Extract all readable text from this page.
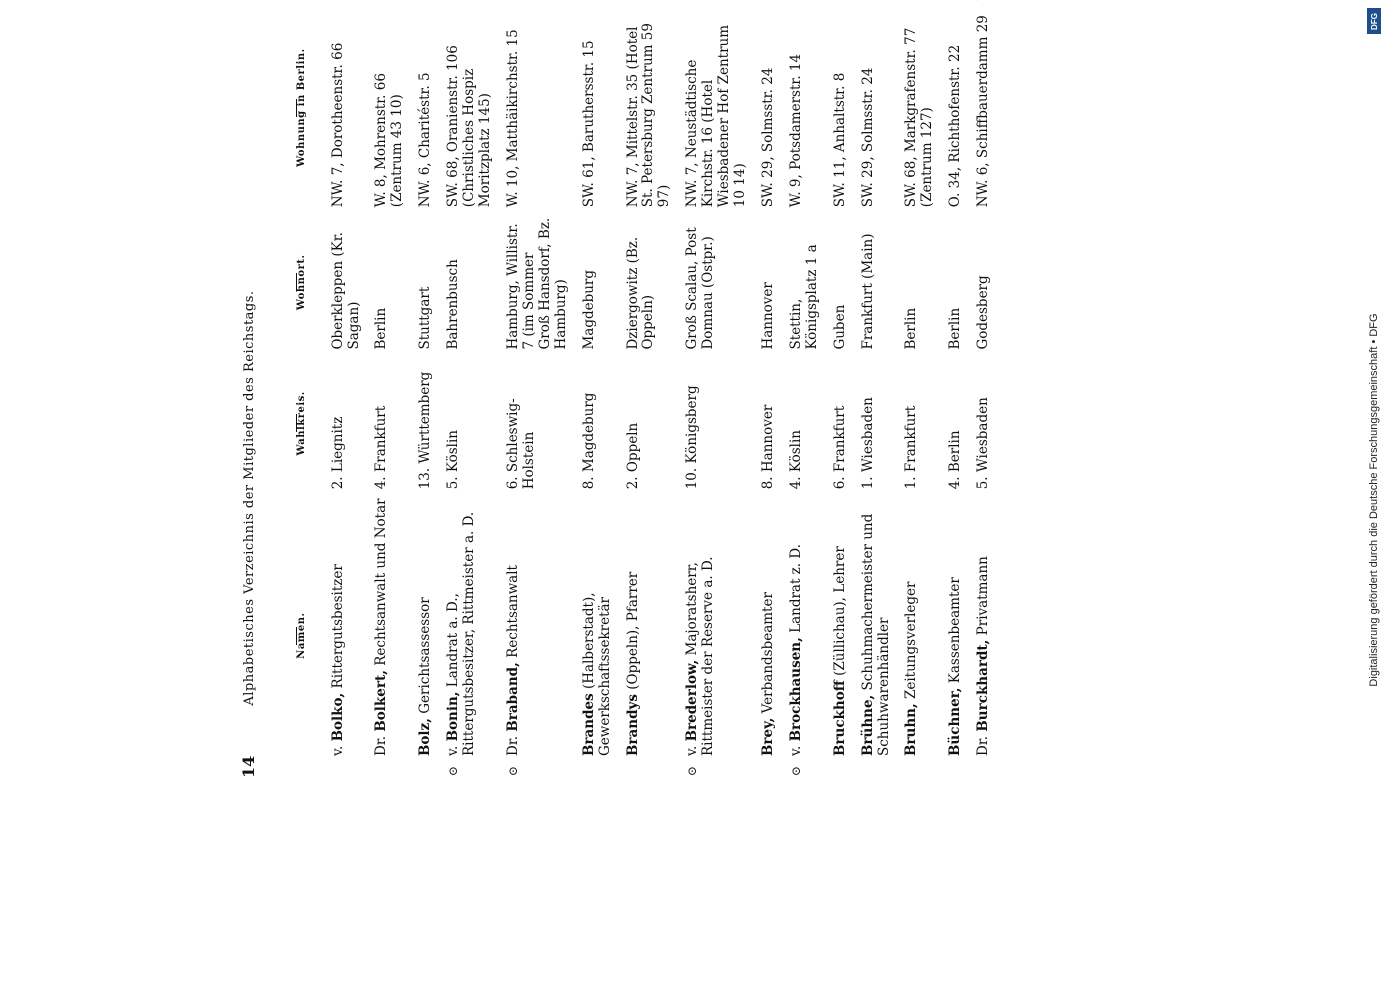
DFG
Digitalisierung gefördert durch die Deutsche Forschungsgemeinschaft • DFG
14
Alphabetisches Verzeichnis der Mitglieder des Reichstags.	Namen.	Wahlkreis.	Wohnort.	Wohnung in Berlin.		

v. Bolko, Rittergutsbesitzer	2. Liegnitz	Oberkleppen (Kr. Sagan)	NW. 7, Dorotheenstr. 66		

Dr. Bolkert, Rechtsanwalt und Notar	4. Frankfurt	Berlin	W. 8, Mohrenstr. 66 (Zentrum 43 10)		

Bolz, Gerichtsassessor	13. Württemberg	Stuttgart	NW. 6, Charitéstr. 5		

⊙
v. Bonin, Landrat a. D., Rittergutsbesitzer, Rittmeister a. D.	5. Köslin	Bahrenbusch	SW. 68, Oranienstr. 106 (Christliches Hospiz Moritzplatz 145)		

⊙
Dr. Braband, Rechtsanwalt	6. Schleswig-Holstein	Hamburg, Willistr. 7 (im Sommer Groß Hansdorf, Bz. Hamburg)	W. 10, Matthäikirchstr. 15		

Brandes (Halberstadt), Gewerkschaftssekretär	8. Magdeburg	Magdeburg	SW. 61, Baruthersstr. 15		

Brandys (Oppeln), Pfarrer	2. Oppeln	Dziergowitz (Bz. Oppeln)	NW. 7, Mittelstr. 35 (Hotel St. Petersburg Zentrum 59 97)		

⊙
v. Brederlow, Majoratsherr, Rittmeister der Reserve a. D.	10. Königsberg	Groß Scalau, Post Domnau (Ostpr.)	NW. 7, Neustädtische Kirchstr. 16 (Hotel Wiesbadener Hof Zentrum 10 14)		

Brey, Verbandsbeamter	8. Hannover	Hannover	SW. 29, Solmsstr. 24		

⊙
v. Brockhausen, Landrat z. D.	4. Köslin	Stettin, Königsplatz 1 a	W. 9, Potsdamerstr. 14		

Bruckhoff (Züllichau), Lehrer	6. Frankfurt	Guben	SW. 11, Anhaltstr. 8		

Brühne, Schuhmachermeister und Schuhwarenhändler	1. Wiesbaden	Frankfurt (Main)	SW. 29, Solmsstr. 24		

Bruhn, Zeitungsverleger	1. Frankfurt	Berlin	SW. 68, Markgrafenstr. 77 (Zentrum 127)		

Büchner, Kassenbeamter	4. Berlin	Berlin	O. 34, Richthofenstr. 22		

Dr. Burckhardt, Privatmann	5. Wiesbaden	Godesberg	NW. 6, Schiffbauerdamm 29		
